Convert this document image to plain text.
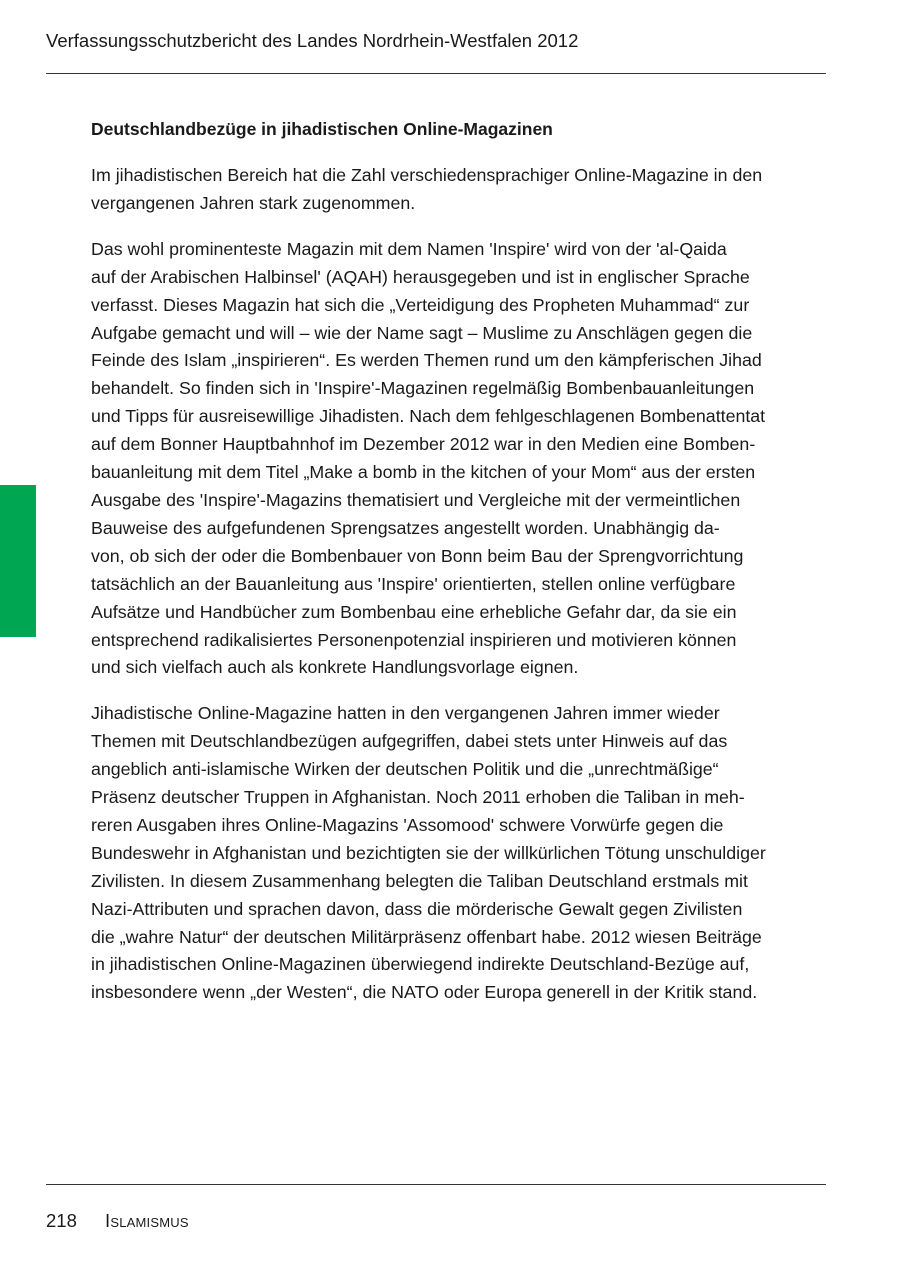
Verfassungsschutzbericht des Landes Nordrhein-Westfalen 2012
Deutschlandbezüge in jihadistischen Online-Magazinen

Im jihadistischen Bereich hat die Zahl verschiedensprachiger Online-Magazine in den
vergangenen Jahren stark zugenommen.

Das wohl prominenteste Magazin mit dem Namen 'Inspire' wird von der 'al-Qaida
auf der Arabischen Halbinsel' (AQAH) herausgegeben und ist in englischer Sprache
verfasst. Dieses Magazin hat sich die „Verteidigung des Propheten Muhammad“ zur
Aufgabe gemacht und will – wie der Name sagt – Muslime zu Anschlägen gegen die
Feinde des Islam „inspirieren“. Es werden Themen rund um den kämpferischen Jihad
behandelt. So finden sich in 'Inspire'-Magazinen regelmäßig Bombenbauanleitungen
und Tipps für ausreisewillige Jihadisten. Nach dem fehlgeschlagenen Bombenattentat
auf dem Bonner Hauptbahnhof im Dezember 2012 war in den Medien eine Bomben-
bauanleitung mit dem Titel „Make a bomb in the kitchen of your Mom“ aus der ersten
Ausgabe des 'Inspire'-Magazins thematisiert und Vergleiche mit der vermeintlichen
Bauweise des aufgefundenen Sprengsatzes angestellt worden. Unabhängig da-
von, ob sich der oder die Bombenbauer von Bonn beim Bau der Sprengvorrichtung
tatsächlich an der Bauanleitung aus 'Inspire' orientierten, stellen online verfügbare
Aufsätze und Handbücher zum Bombenbau eine erhebliche Gefahr dar, da sie ein
entsprechend radikalisiertes Personenpotenzial inspirieren und motivieren können
und sich vielfach auch als konkrete Handlungsvorlage eignen.

Jihadistische Online-Magazine hatten in den vergangenen Jahren immer wieder
Themen mit Deutschlandbezügen aufgegriffen, dabei stets unter Hinweis auf das
angeblich anti-islamische Wirken der deutschen Politik und die „unrechtmäßige“
Präsenz deutscher Truppen in Afghanistan. Noch 2011 erhoben die Taliban in meh-
reren Ausgaben ihres Online-Magazins 'Assomood' schwere Vorwürfe gegen die
Bundeswehr in Afghanistan und bezichtigten sie der willkürlichen Tötung unschuldiger
Zivilisten. In diesem Zusammenhang belegten die Taliban Deutschland erstmals mit
Nazi-Attributen und sprachen davon, dass die mörderische Gewalt gegen Zivilisten
die „wahre Natur“ der deutschen Militärpräsenz offenbart habe. 2012 wiesen Beiträge
in jihadistischen Online-Magazinen überwiegend indirekte Deutschland-Bezüge auf,
insbesondere wenn „der Westen“, die NATO oder Europa generell in der Kritik stand.

218 Islamismus
